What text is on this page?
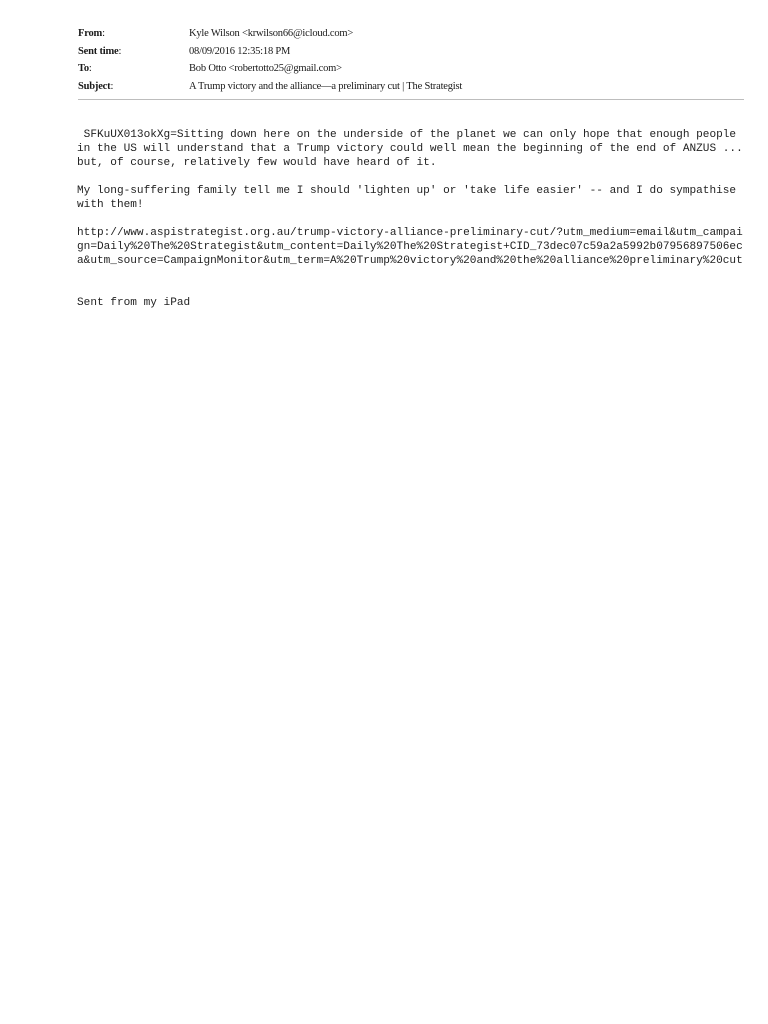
From:	Kyle Wilson <krwilson66@icloud.com>
Sent time:	08/09/2016 12:35:18 PM
To:	Bob Otto <robertotto25@gmail.com>
Subject:	A Trump victory and the alliance—a preliminary cut | The Strategist

SFKuUX013okXg=Sitting down here on the underside of the planet we can only hope that enough people in the US will understand that a Trump victory could well mean the beginning of the end of ANZUS ...but, of course, relatively few would have heard of it.

My long-suffering family tell me I should 'lighten up' or 'take life easier' -- and I do sympathise with them!

http://www.aspistrategist.org.au/trump-victory-alliance-preliminary-cut/?utm_medium=email&utm_campaign=Daily%20The%20Strategist&utm_content=Daily%20The%20Strategist+CID_73dec07c59a2a5992b07956897506eca&utm_source=CampaignMonitor&utm_term=A%20Trump%20victory%20and%20the%20alliance%20preliminary%20cut

Sent from my iPad
